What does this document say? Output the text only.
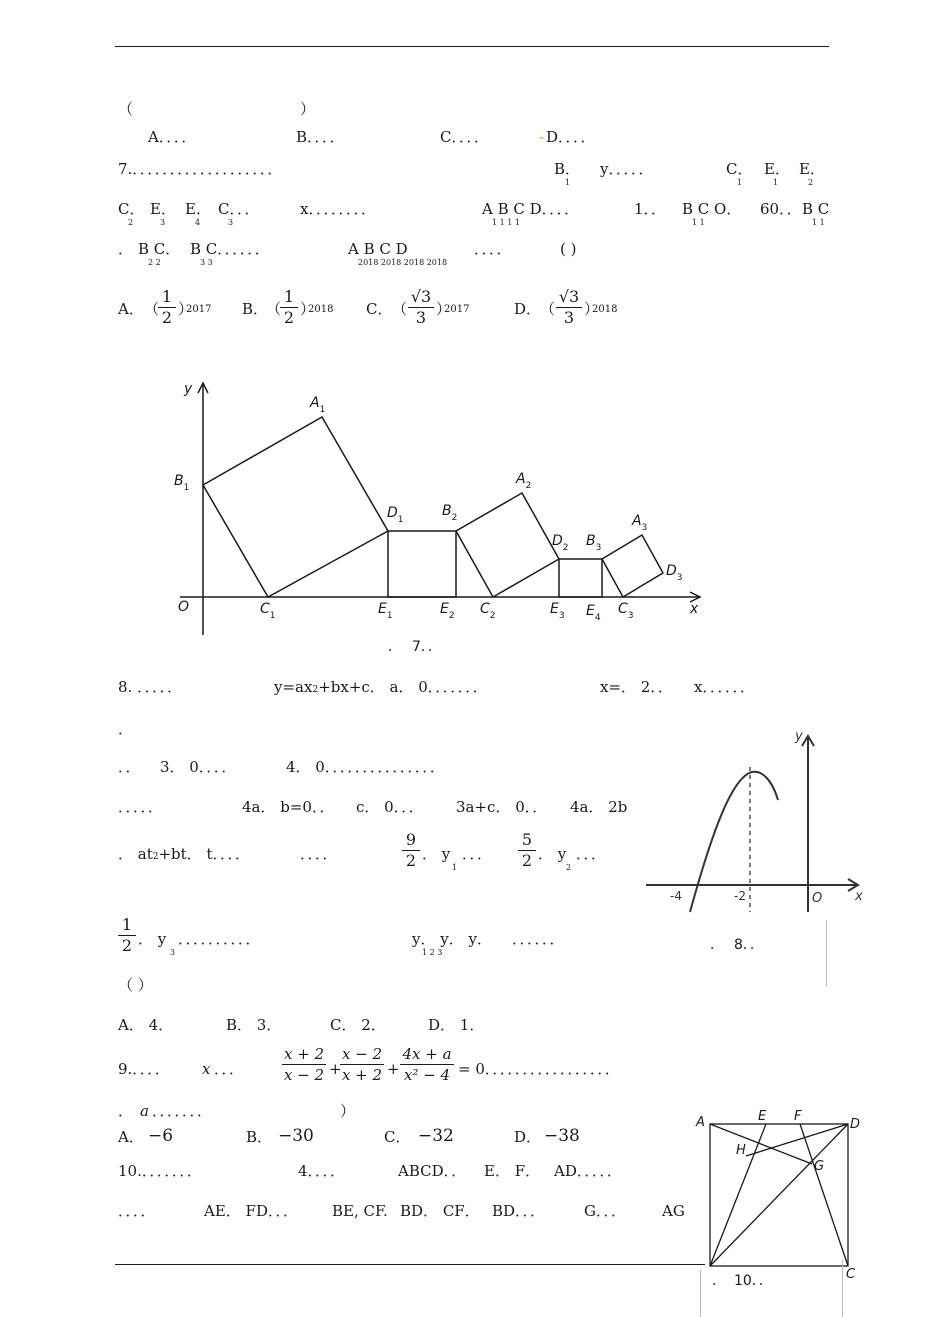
（　　　　　　	）
A．．．．	B．．．．	C．．．．	- D．．．．
7.．．．．．．．．．．．．．．．．．．．	B．
1
y．．．．．	C．
1
E．
1
E．
2
C．
2
E．
3
E．
4
C．．．
3
x．．．．．．．．	A B C D．．．．
1 1 1 1
1．． B C O．
1 1
60．． B C
1 1
． B C．
2 2
B C．．．．．．
3 3
A B C D
2018 2018 2018 2018
．．．．	( )
A． （
$\frac{1}{2}$ ）
2017 B．
（
$\frac{1}{2}$ ）
2018 C． （ $\frac{√3}{3}$ ）
2017	D．
（ $\frac{√3}{3}$ ）
2018
y
x
O
$A_1$
$B_1$
$D_1$
$B_2$
$A_2$
$D_2$ $B_3$
$A_3$
$D_3$
$C_1$	$E_1$	$E_2$ $C_2$	$E_3$ $E_4$
$C_3$
． 7．．
8. ．．．．．	y=ax2+bx+c． a． 0．．．．．．．	x=． 2．． x．．．．．．
．
．． 3． 0．．．．	4． 0．．．．．．．．．．．．．．．
．．．．．	4a． b=0．． c． 0．．． 3a+c． 0．． 4a． 2b
． at2+bt． t．．．．	．．．．	$\frac{9}{2}$ ． y
1
．．． $\frac{5}{2}$ ． y
2
．．．
$\frac{1}{2}$ ． y
3
．．．．．．．．．．	y． y． y．
1 2 3
．．．．．．
（ ）
A． 4．	B． 3．	C． 2．	D． 1．
y
x
O
-4	-2
． 8．．
9.．．．． x ．．．	$\frac{x + 2}{x - 2}$ +
$\frac{x - 2}{x + 2} + \frac{4x + a}{\text{x² − 4}} = 0$．．．．．．．．．．．．．．．．．
． a ．．．．．．．	）
A． −6	B． −30	C． −32	D． −38
10.．．．．．．．	4．．．．	ABCD．． E． F． AD．．．．．
．．．．	AE． FD．．． BE, CF. BD． CF． BD．．．	G．．． AG
A	E F
D
H
G
C
． 10．．
